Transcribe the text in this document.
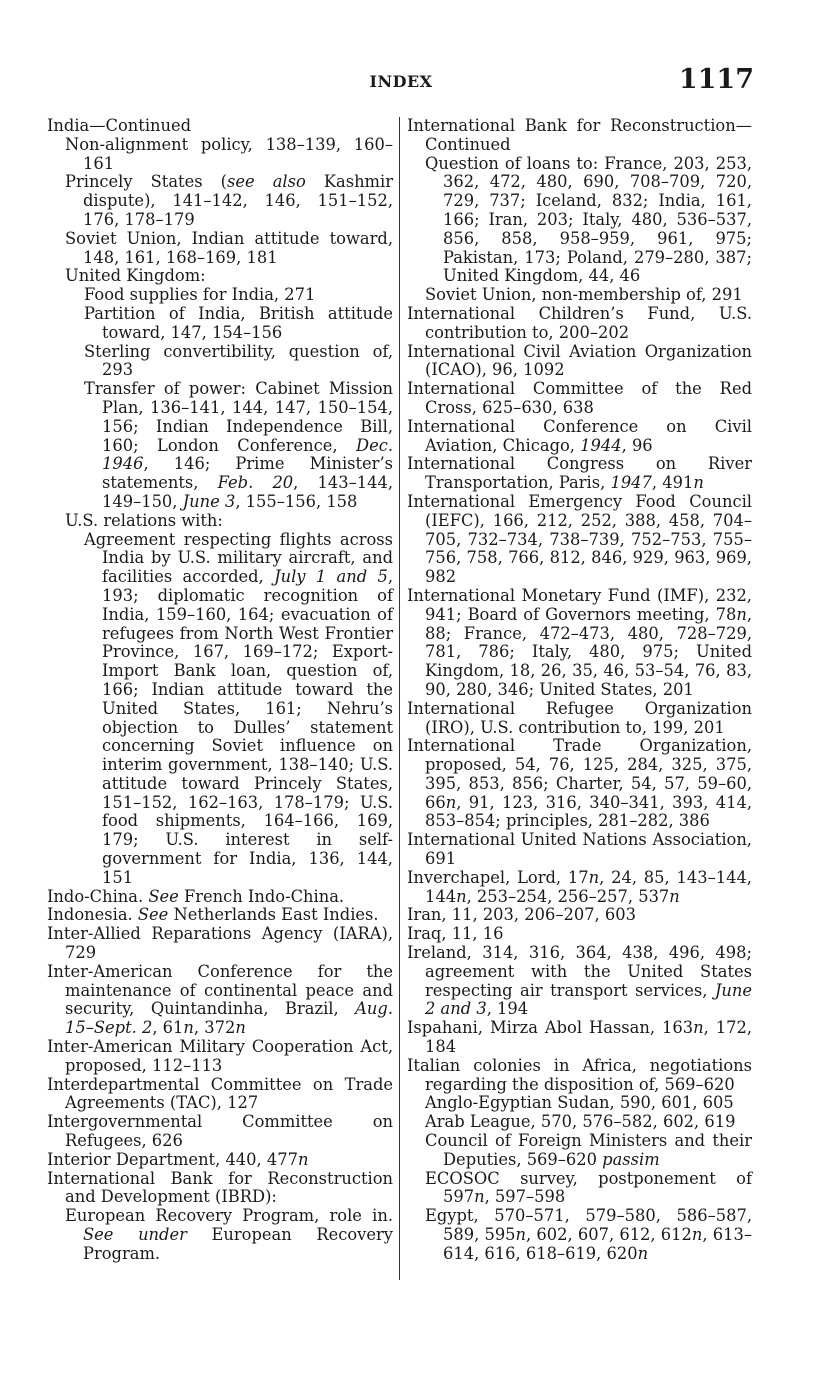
INDEX	1117

India—Continued

Non-alignment policy, 138–139, 160–161

Princely States (see also Kashmir dispute), 141–142, 146, 151–152, 176, 178–179

Soviet Union, Indian attitude toward, 148, 161, 168–169, 181

United Kingdom:

Food supplies for India, 271

Partition of India, British attitude toward, 147, 154–156

Sterling convertibility, question of, 293

Transfer of power: Cabinet Mission Plan, 136–141, 144, 147, 150–154, 156; Indian Independence Bill, 160; London Conference, Dec. 1946, 146; Prime Minister’s statements, Feb. 20, 143–144, 149–150, June 3, 155–156, 158

U.S. relations with:

Agreement respecting flights across India by U.S. military aircraft, and facilities accorded, July 1 and 5, 193; diplomatic recognition of India, 159–160, 164; evacuation of refugees from North West Frontier Province, 167, 169–172; Export-Import Bank loan, question of, 166; Indian attitude toward the United States, 161; Nehru’s objection to Dulles’ statement concerning Soviet influence on interim government, 138–140; U.S. attitude toward Princely States, 151–152, 162–163, 178–179; U.S. food shipments, 164–166, 169, 179; U.S. interest in self-government for India, 136, 144, 151

Indo-China. See French Indo-China.

Indonesia. See Netherlands East Indies.

Inter-Allied Reparations Agency (IARA), 729

Inter-American Conference for the maintenance of continental peace and security, Quintandinha, Brazil, Aug. 15–Sept. 2, 61n, 372n

Inter-American Military Cooperation Act, proposed, 112–113

Interdepartmental Committee on Trade Agreements (TAC), 127

Intergovernmental Committee on Refugees, 626

Interior Department, 440, 477n

International Bank for Reconstruction and Development (IBRD):

European Recovery Program, role in. See under European Recovery Program.

International Bank for Reconstruction—Continued

Question of loans to: France, 203, 253, 362, 472, 480, 690, 708–709, 720, 729, 737; Iceland, 832; India, 161, 166; Iran, 203; Italy, 480, 536–537, 856, 858, 958–959, 961, 975; Pakistan, 173; Poland, 279–280, 387; United Kingdom, 44, 46

Soviet Union, non-membership of, 291

International Children’s Fund, U.S. contribution to, 200–202

International Civil Aviation Organization (ICAO), 96, 1092

International Committee of the Red Cross, 625–630, 638

International Conference on Civil Aviation, Chicago, 1944, 96

International Congress on River Transportation, Paris, 1947, 491n

International Emergency Food Council (IEFC), 166, 212, 252, 388, 458, 704–705, 732–734, 738–739, 752–753, 755–756, 758, 766, 812, 846, 929, 963, 969, 982

International Monetary Fund (IMF), 232, 941; Board of Governors meeting, 78n, 88; France, 472–473, 480, 728–729, 781, 786; Italy, 480, 975; United Kingdom, 18, 26, 35, 46, 53–54, 76, 83, 90, 280, 346; United States, 201

International Refugee Organization (IRO), U.S. contribution to, 199, 201

International Trade Organization, proposed, 54, 76, 125, 284, 325, 375, 395, 853, 856; Charter, 54, 57, 59–60, 66n, 91, 123, 316, 340–341, 393, 414, 853–854; principles, 281–282, 386

International United Nations Association, 691

Inverchapel, Lord, 17n, 24, 85, 143–144, 144n, 253–254, 256–257, 537n

Iran, 11, 203, 206–207, 603

Iraq, 11, 16

Ireland, 314, 316, 364, 438, 496, 498; agreement with the United States respecting air transport services, June 2 and 3, 194

Ispahani, Mirza Abol Hassan, 163n, 172, 184

Italian colonies in Africa, negotiations regarding the disposition of, 569–620

Anglo-Egyptian Sudan, 590, 601, 605

Arab League, 570, 576–582, 602, 619

Council of Foreign Ministers and their Deputies, 569–620 passim

ECOSOC survey, postponement of 597n, 597–598

Egypt, 570–571, 579–580, 586–587, 589, 595n, 602, 607, 612, 612n, 613–614, 616, 618–619, 620n
